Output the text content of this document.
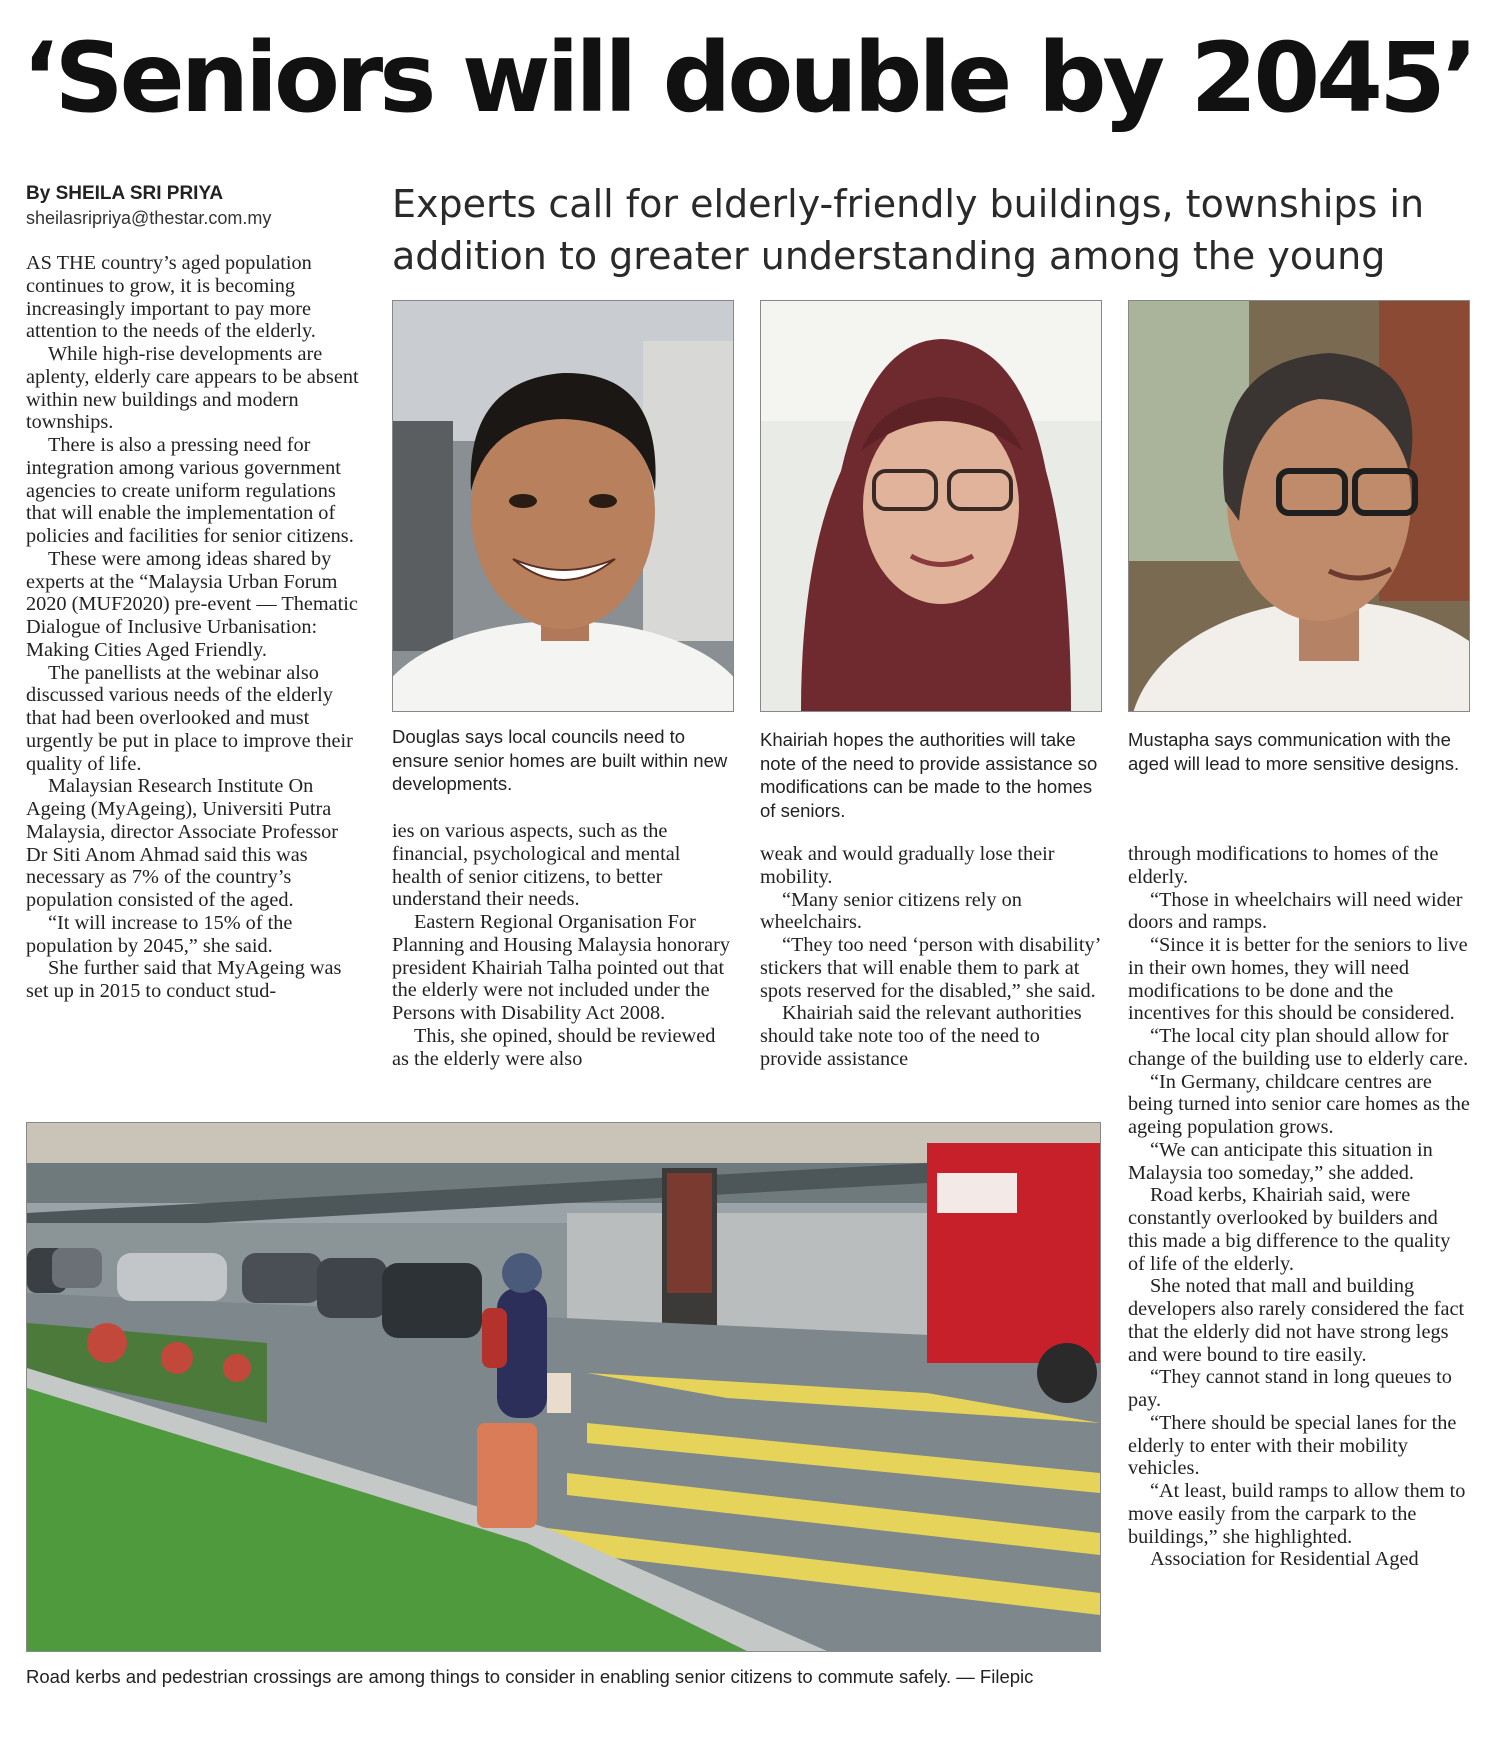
‘Seniors will double by 2045’
By SHEILA SRI PRIYA
sheilasripriya@thestar.com.my	Experts call for elderly-friendly buildings, townships in addition to greater understanding among the young

AS THE country’s aged population continues to grow, it is becoming increasingly important to pay more attention to the needs of the elderly.

While high-rise developments are aplenty, elderly care appears to be absent within new buildings and modern townships.

There is also a pressing need for integration among various government agencies to create uniform regulations that will enable the implementation of policies and facilities for senior citizens.

These were among ideas shared by experts at the “Malaysia Urban Forum 2020 (MUF2020) pre-event — Thematic Dialogue of Inclusive Urbanisation: Making Cities Aged Friendly.

The panellists at the webinar also discussed various needs of the elderly that had been overlooked and must urgently be put in place to improve their quality of life.

Malaysian Research Institute On Ageing (MyAgeing), Universiti Putra Malaysia, director Associate Professor Dr Siti Anom Ahmad said this was necessary as 7% of the country’s population consisted of the aged.

“It will increase to 15% of the population by 2045,” she said.

She further said that MyAgeing was set up in 2015 to conduct stud-

Douglas says local councils need to ensure senior homes are built within new developments.
Khairiah hopes the authorities will take note of the need to provide assistance so modifications can be made to the homes of seniors.
Mustapha says communication with the aged will lead to more sensitive designs.

ies on various aspects, such as the financial, psychological and mental health of senior citizens, to better understand their needs.

Eastern Regional Organisation For Planning and Housing Malaysia honorary president Khairiah Talha pointed out that the elderly were not included under the Persons with Disability Act 2008.

This, she opined, should be reviewed as the elderly were also

weak and would gradually lose their mobility.

“Many senior citizens rely on wheelchairs.

“They too need ‘person with disability’ stickers that will enable them to park at spots reserved for the disabled,” she said.

Khairiah said the relevant authorities should take note too of the need to provide assistance

through modifications to homes of the elderly.

“Those in wheelchairs will need wider doors and ramps.

“Since it is better for the seniors to live in their own homes, they will need modifications to be done and the incentives for this should be considered.

“The local city plan should allow for change of the building use to elderly care.

“In Germany, childcare centres are being turned into senior care homes as the ageing population grows.

“We can anticipate this situation in Malaysia too someday,” she added.

Road kerbs, Khairiah said, were constantly overlooked by builders and this made a big difference to the quality of life of the elderly.

She noted that mall and building developers also rarely considered the fact that the elderly did not have strong legs and were bound to tire easily.

“They cannot stand in long queues to pay.

“There should be special lanes for the elderly to enter with their mobility vehicles.

“At least, build ramps to allow them to move easily from the carpark to the buildings,” she highlighted.

Association for Residential Aged

Road kerbs and pedestrian crossings are among things to consider in enabling senior citizens to commute safely. — Filepic
